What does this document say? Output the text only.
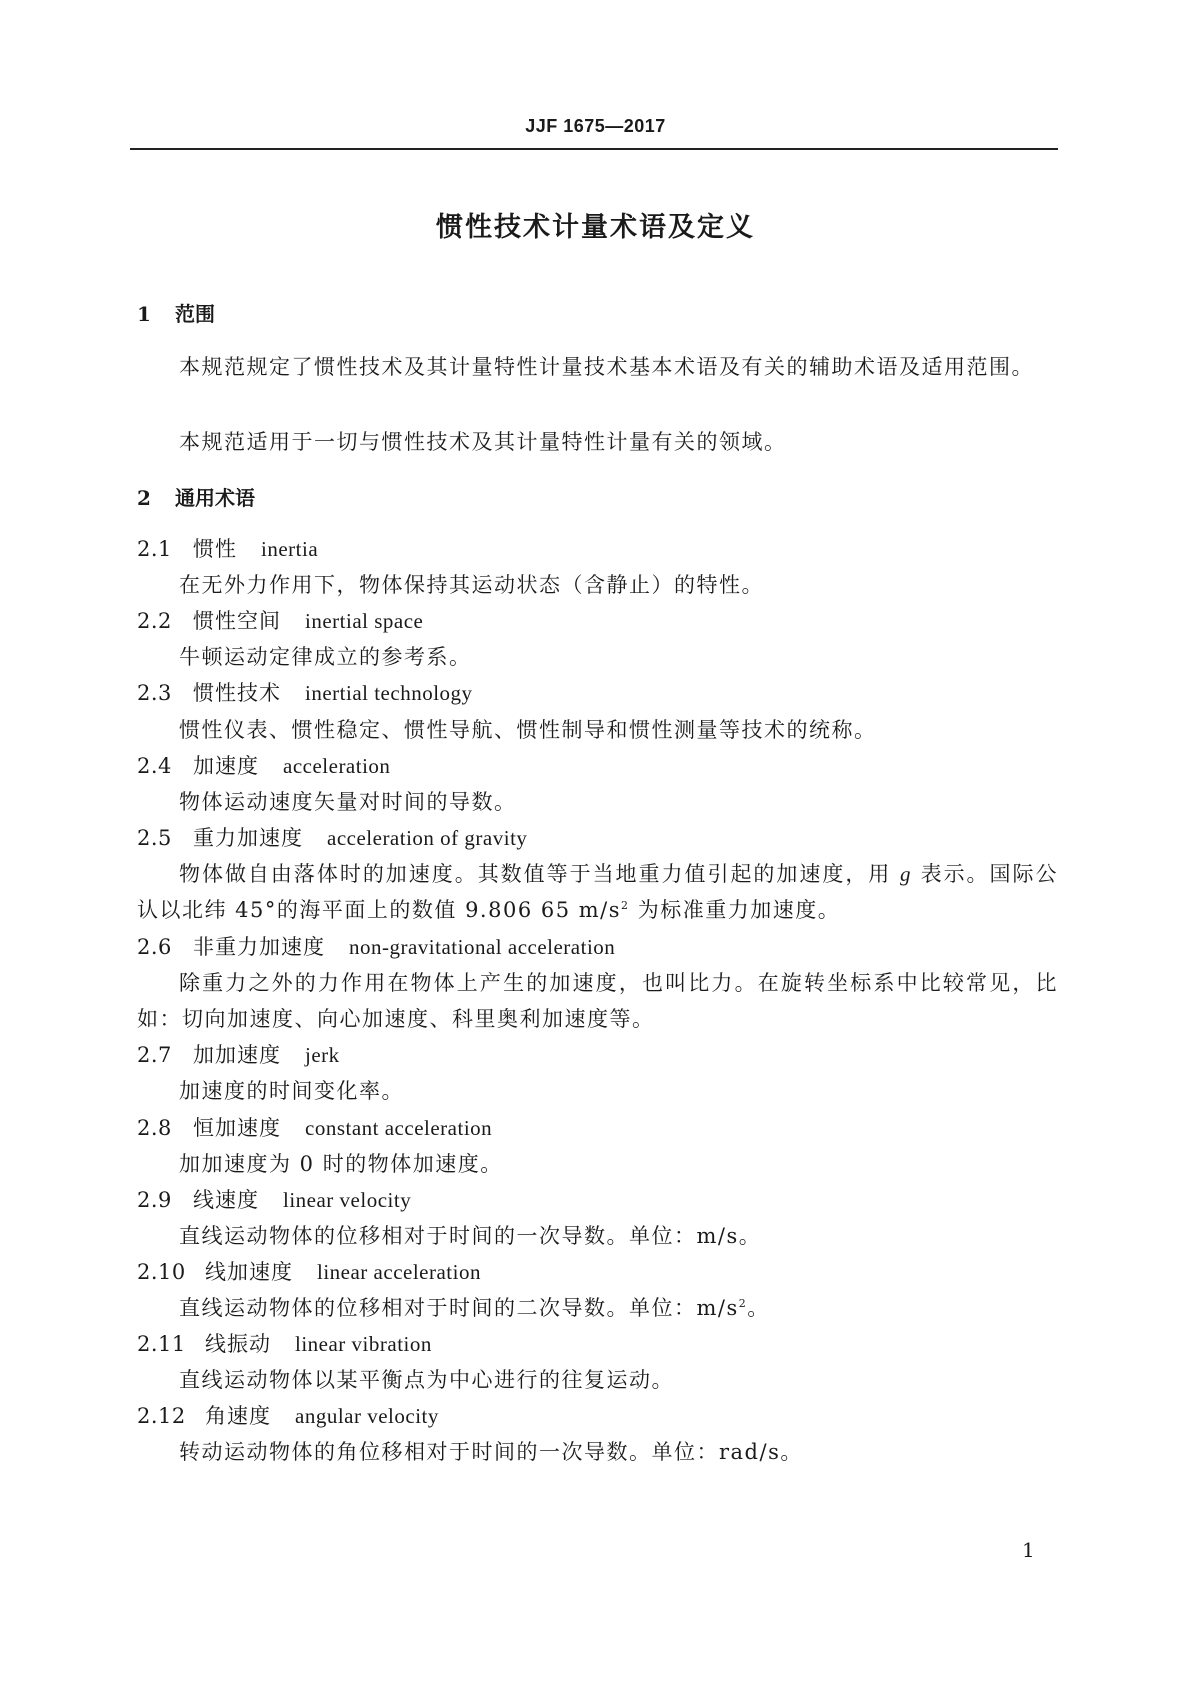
JJF 1675—2017
惯性技术计量术语及定义
1 范围
本规范规定了惯性技术及其计量特性计量技术基本术语及有关的辅助术语及适用范围。
本规范适用于一切与惯性技术及其计量特性计量有关的领域。
2 通用术语
2.1 惯性 inertia
在无外力作用下，物体保持其运动状态（含静止）的特性。
2.2 惯性空间 inertial space
牛顿运动定律成立的参考系。
2.3 惯性技术 inertial technology
惯性仪表、惯性稳定、惯性导航、惯性制导和惯性测量等技术的统称。
2.4 加速度 acceleration
物体运动速度矢量对时间的导数。
2.5 重力加速度 acceleration of gravity
物体做自由落体时的加速度。其数值等于当地重力值引起的加速度，用 g 表示。国际公认以北纬 45°的海平面上的数值 9.806 65 $m/s^2$ 为标准重力加速度。
2.6 非重力加速度 non-gravitational acceleration
除重力之外的力作用在物体上产生的加速度，也叫比力。在旋转坐标系中比较常见，比如：切向加速度、向心加速度、科里奥利加速度等。
2.7 加加速度 jerk
加速度的时间变化率。
2.8 恒加速度 constant acceleration
加加速度为 0 时的物体加速度。
2.9 线速度 linear velocity
直线运动物体的位移相对于时间的一次导数。单位：m/s。
2.10 线加速度 linear acceleration
直线运动物体的位移相对于时间的二次导数。单位：$m/s^2$。
2.11 线振动 linear vibration
直线运动物体以某平衡点为中心进行的往复运动。
2.12 角速度 angular velocity
转动运动物体的角位移相对于时间的一次导数。单位：rad/s。
1
